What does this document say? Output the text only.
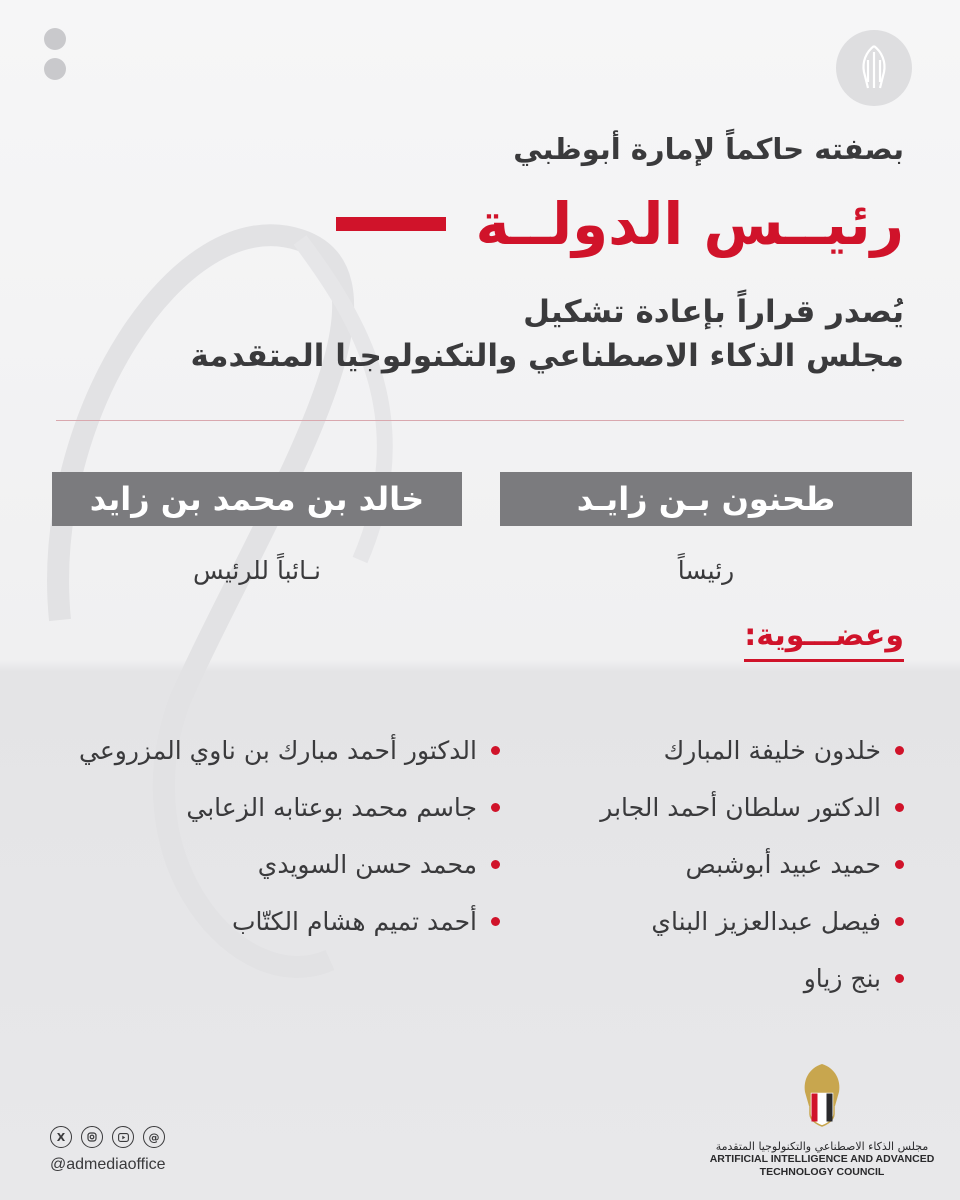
بصفته حاكماً لإمارة أبوظبي
رئيــس الدولــة
يُصدر قراراً بإعادة تشكيل
مجلس الذكاء الاصطناعي والتكنولوجيا المتقدمة
طحنون بـن زايـد
خالد بن محمد بن زايد
رئيساً
نـائباً للرئيس
وعضـــوية:
خلدون خليفة المبارك
الدكتور سلطان أحمد الجابر
حميد عبيد أبوشبص
فيصل عبدالعزيز البناي
بنج زياو
الدكتور أحمد مبارك بن ناوي المزروعي
جاسم محمد بوعتابه الزعابي
محمد حسن السويدي
أحمد تميم هشام الكتّاب
X	@
@admediaoffice
مجلس الذكاء الاصطناعي والتكنولوجيا المتقدمة
ARTIFICIAL INTELLIGENCE AND ADVANCED
TECHNOLOGY COUNCIL
